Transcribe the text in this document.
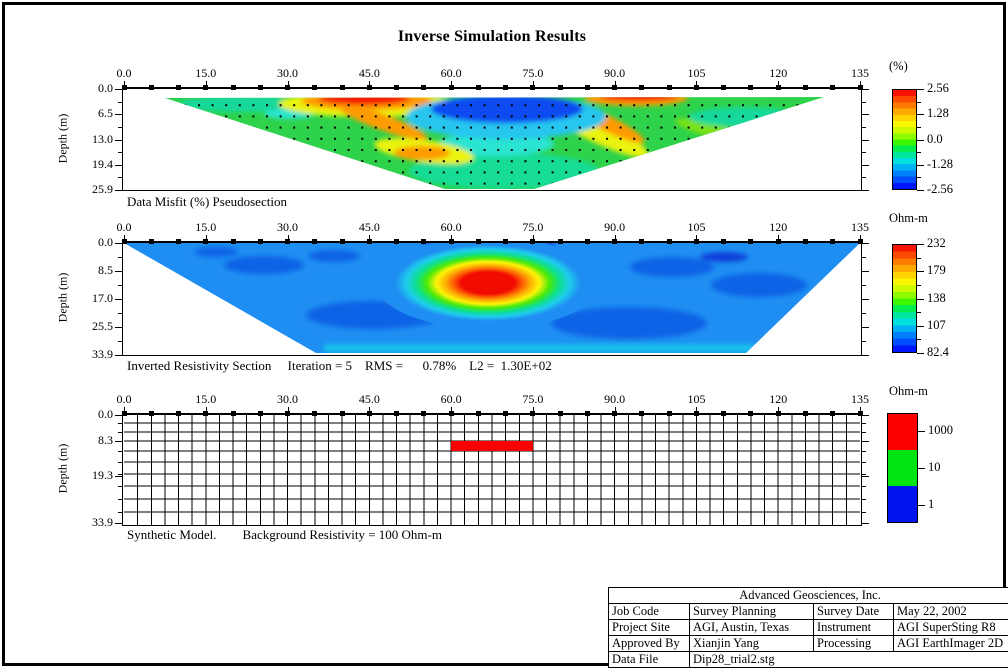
Inverse Simulation Results
Depth (m)
Depth (m)
Depth (m)
Data Misfit (%) Pseudosection
Inverted Resistivity Section     Iteration = 5    RMS =      0.78%    L2 =  1.30E+02
Synthetic Model.        Background Resistivity = 100 Ohm-m
(%)
Ohm-m
Ohm-m
Advanced Geosciences, Inc.			
Job Code	Survey Planning	Survey Date	May 22, 2002
Project Site	AGI, Austin, Texas	Instrument	AGI SuperSting R8
Approved By	Xianjin Yang	Processing	AGI EarthImager 2D
Data File	Dip28_trial2.stg		
0.0	15.0	30.0	45.0	60.0	75.0	90.0	105	120	135
0.0
6.5
13.0
19.4
25.9
0.0	15.0	30.0	45.0	60.0	75.0	90.0	105	120	135
0.0
8.5
17.0
25.5
33.9
0.0	15.0	30.0	45.0	60.0	75.0	90.0	105	120	135
0.0
8.3
19.3
33.9
2.56
1.28
0.0
-1.28
-2.56
232
179
138
107
82.4
1000
10
1
